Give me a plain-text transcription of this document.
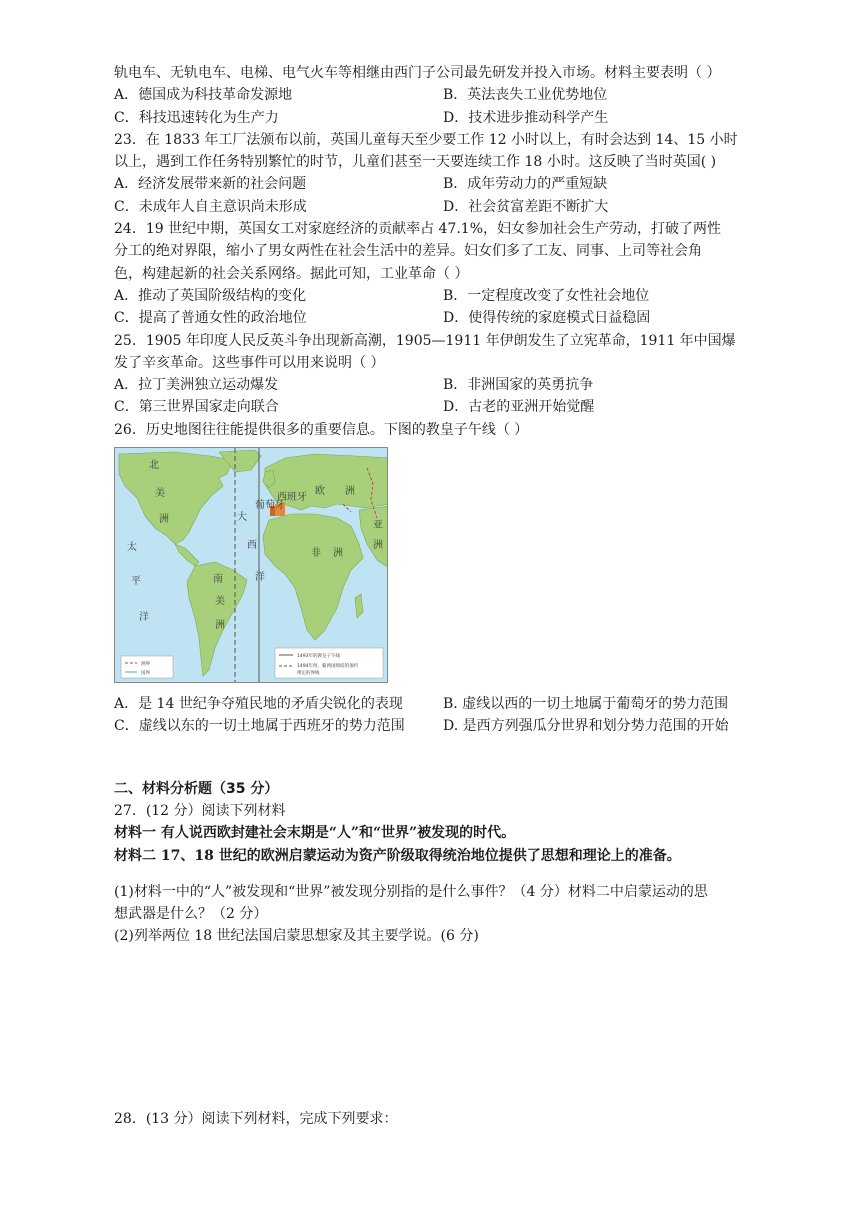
轨电车、无轨电车、电梯、电气火车等相继由西门子公司最先研发并投入市场。材料主要表明（ ）
A．德国成为科技革命发源地	B．英法丧失工业优势地位
C．科技迅速转化为生产力	D．技术进步推动科学产生
23．在 1833 年工厂法颁布以前，英国儿童每天至少要工作 12 小时以上，有时会达到 14、15 小时
以上，遇到工作任务特别繁忙的时节，儿童们甚至一天要连续工作 18 小时。这反映了当时英国( )
A．经济发展带来新的社会问题	B．成年劳动力的严重短缺
C．未成年人自主意识尚未形成	D．社会贫富差距不断扩大
24．19 世纪中期，英国女工对家庭经济的贡献率占 47.1%，妇女参加社会生产劳动，打破了两性
分工的绝对界限，缩小了男女两性在社会生活中的差异。妇女们多了工友、同事、上司等社会角
色，构建起新的社会关系网络。据此可知，工业革命（ ）
A．推动了英国阶级结构的变化	B．一定程度改变了女性社会地位
C．提高了普通女性的政治地位	D．使得传统的家庭模式日益稳固
25．1905 年印度人民反英斗争出现新高潮，1905—1911 年伊朗发生了立宪革命，1911 年中国爆
发了辛亥革命。这些事件可以用来说明（ ）
A．拉丁美洲独立运动爆发	B．非洲国家的英勇抗争
C．第三世界国家走向联合	D．古老的亚洲开始觉醒
26．历史地图往往能提供很多的重要信息。下图的教皇子午线（ ）
北
美
洲
南
美
洲
太
平
洋
大
西
洋
欧 洲
亚
洲
非 洲
葡萄牙
西班牙
洲界
国界
1493年的教皇子午线
1494年西、葡两国缔结的条约
规定的界线
A．是 14 世纪争夺殖民地的矛盾尖锐化的表现	B. 虚线以西的一切土地属于葡萄牙的势力范围
C．虚线以东的一切土地属于西班牙的势力范围	D. 是西方列强瓜分世界和划分势力范围的开始
二、材料分析题（35 分）
27．(12 分）阅读下列材料
材料一 有人说西欧封建社会末期是“人”和“世界”被发现的时代。
材料二 17、18 世纪的欧洲启蒙运动为资产阶级取得统治地位提供了思想和理论上的准备。
(1)材料一中的“人”被发现和“世界”被发现分别指的是什么事件？（4 分）材料二中启蒙运动的思
想武器是什么？（2 分）
(2)列举两位 18 世纪法国启蒙思想家及其主要学说。(6 分)
28．(13 分）阅读下列材料，完成下列要求：
